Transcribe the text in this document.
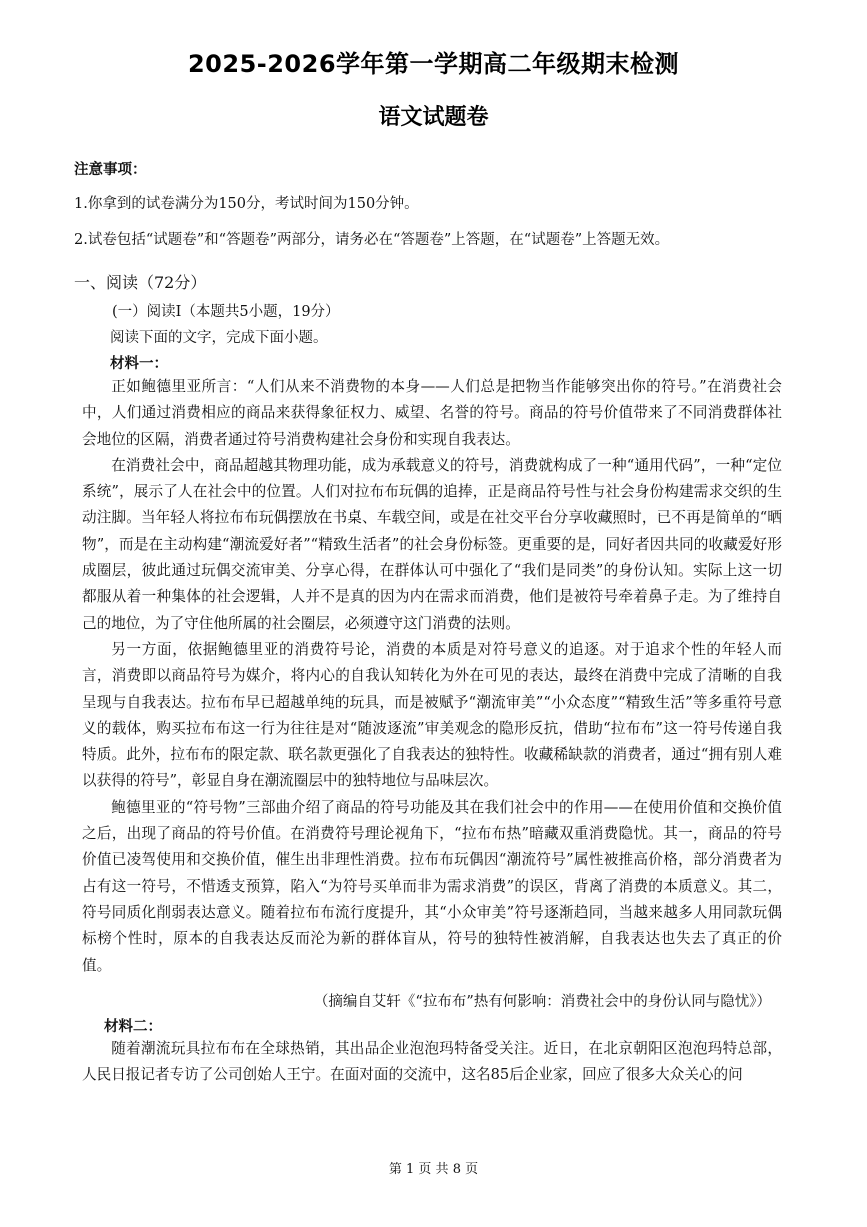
2025-2026学年第一学期高二年级期末检测
语文试题卷
注意事项：
1.你拿到的试卷满分为150分，考试时间为150分钟。
2.试卷包括“试题卷”和“答题卷”两部分，请务必在“答题卷”上答题，在“试题卷”上答题无效。
一、阅读（72分）
(一）阅读Ⅰ（本题共5小题，19分）
阅读下面的文字，完成下面小题。
材料一：

正如鲍德里亚所言：“人们从来不消费物的本身——人们总是把物当作能够突出你的符号。”在消费社会中，人们通过消费相应的商品来获得象征权力、威望、名誉的符号。商品的符号价值带来了不同消费群体社会地位的区隔，消费者通过符号消费构建社会身份和实现自我表达。

在消费社会中，商品超越其物理功能，成为承载意义的符号，消费就构成了一种“通用代码”，一种“定位系统”，展示了人在社会中的位置。人们对拉布布玩偶的追捧，正是商品符号性与社会身份构建需求交织的生动注脚。当年轻人将拉布布玩偶摆放在书桌、车载空间，或是在社交平台分享收藏照时，已不再是简单的“晒物”，而是在主动构建“潮流爱好者”“精致生活者”的社会身份标签。更重要的是，同好者因共同的收藏爱好形成圈层，彼此通过玩偶交流审美、分享心得，在群体认可中强化了“我们是同类”的身份认知。实际上这一切都服从着一种集体的社会逻辑，人并不是真的因为内在需求而消费，他们是被符号牵着鼻子走。为了维持自己的地位，为了守住他所属的社会圈层，必须遵守这门消费的法则。

另一方面，依据鲍德里亚的消费符号论，消费的本质是对符号意义的追逐。对于追求个性的年轻人而言，消费即以商品符号为媒介，将内心的自我认知转化为外在可见的表达，最终在消费中完成了清晰的自我呈现与自我表达。拉布布早已超越单纯的玩具，而是被赋予“潮流审美”“小众态度”“精致生活”等多重符号意义的载体，购买拉布布这一行为往往是对“随波逐流”审美观念的隐形反抗，借助“拉布布”这一符号传递自我特质。此外，拉布布的限定款、联名款更强化了自我表达的独特性。收藏稀缺款的消费者，通过“拥有别人难以获得的符号”，彰显自身在潮流圈层中的独特地位与品味层次。

鲍德里亚的“符号物”三部曲介绍了商品的符号功能及其在我们社会中的作用——在使用价值和交换价值之后，出现了商品的符号价值。在消费符号理论视角下，“拉布布热”暗藏双重消费隐忧。其一，商品的符号价值已凌驾使用和交换价值，催生出非理性消费。拉布布玩偶因“潮流符号”属性被推高价格，部分消费者为占有这一符号，不惜透支预算，陷入“为符号买单而非为需求消费”的误区，背离了消费的本质意义。其二，符号同质化削弱表达意义。随着拉布布流行度提升，其“小众审美”符号逐渐趋同，当越来越多人用同款玩偶标榜个性时，原本的自我表达反而沦为新的群体盲从，符号的独特性被消解，自我表达也失去了真正的价值。

（摘编自艾轩《“拉布布”热有何影响：消费社会中的身份认同与隐忧》）
材料二：

随着潮流玩具拉布布在全球热销，其出品企业泡泡玛特备受关注。近日，在北京朝阳区泡泡玛特总部，人民日报记者专访了公司创始人王宁。在面对面的交流中，这名85后企业家，回应了很多大众关心的问

第 1 页 共 8 页
